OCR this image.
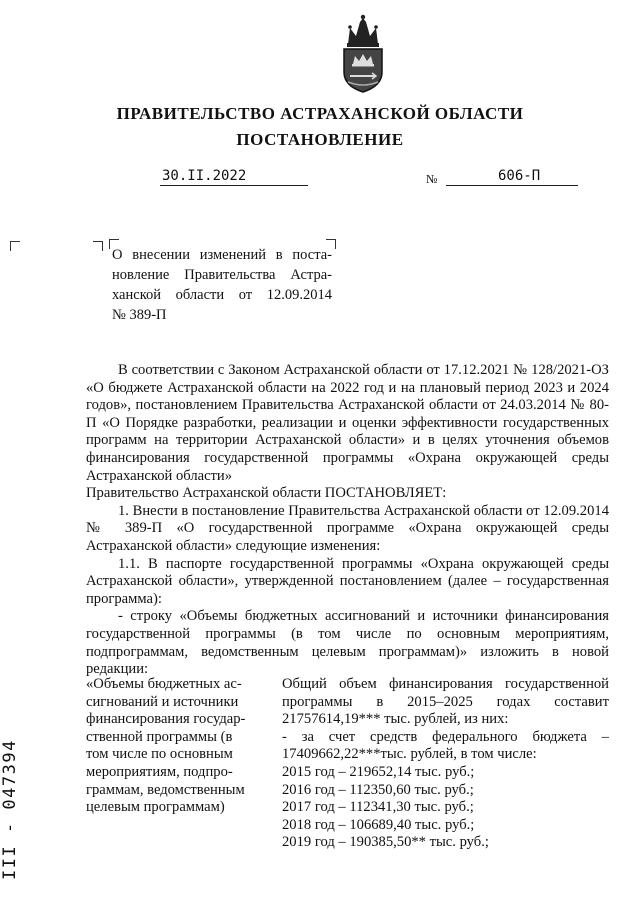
ПРАВИТЕЛЬСТВО АСТРАХАНСКОЙ ОБЛАСТИ
ПОСТАНОВЛЕНИЕ
30.II.2022	№	606-П
О внесении изменений в поста-
новление Правительства Астра-
ханской области от 12.09.2014
№ 389-П

В соответствии с Законом Астраханской области от 17.12.2021 № 128/2021-ОЗ «О бюджете Астраханской области на 2022 год и на плановый период 2023 и 2024 годов», постановлением Правительства Астраханской области от 24.03.2014 № 80-П «О Порядке разработки, реализации и оценки эффективности государственных программ на территории Астраханской области» и в целях уточнения объемов финансирования государственной программы «Охрана окружающей среды Астраханской области»

Правительство Астраханской области ПОСТАНОВЛЯЕТ:

1. Внести в постановление Правительства Астраханской области от 12.09.2014 № 389-П «О государственной программе «Охрана окружающей среды Астраханской области» следующие изменения:

1.1. В паспорте государственной программы «Охрана окружающей среды Астраханской области», утвержденной постановлением (далее – государственная программа):

- строку «Объемы бюджетных ассигнований и источники финансирования государственной программы (в том числе по основным мероприятиям, подпрограммам, ведомственным целевым программам)» изложить в новой редакции:

«Объемы бюджетных ас-
сигнований и источники
финансирования государ-
ственной программы (в
том числе по основным
мероприятиям, подпро-
граммам, ведомственным
целевым программам)
Общий объем финансирования государственной программы в 2015–2025 годах составит 21757614,19*** тыс. рублей, из них:
- за счет средств федерального бюджета – 17409662,22***тыс. рублей, в том числе:
2015 год – 219652,14 тыс. руб.;
2016 год – 112350,60 тыс. руб.;
2017 год – 112341,30 тыс. руб.;
2018 год – 106689,40 тыс. руб.;
2019 год – 190385,50** тыс. руб.;
III - 047394
